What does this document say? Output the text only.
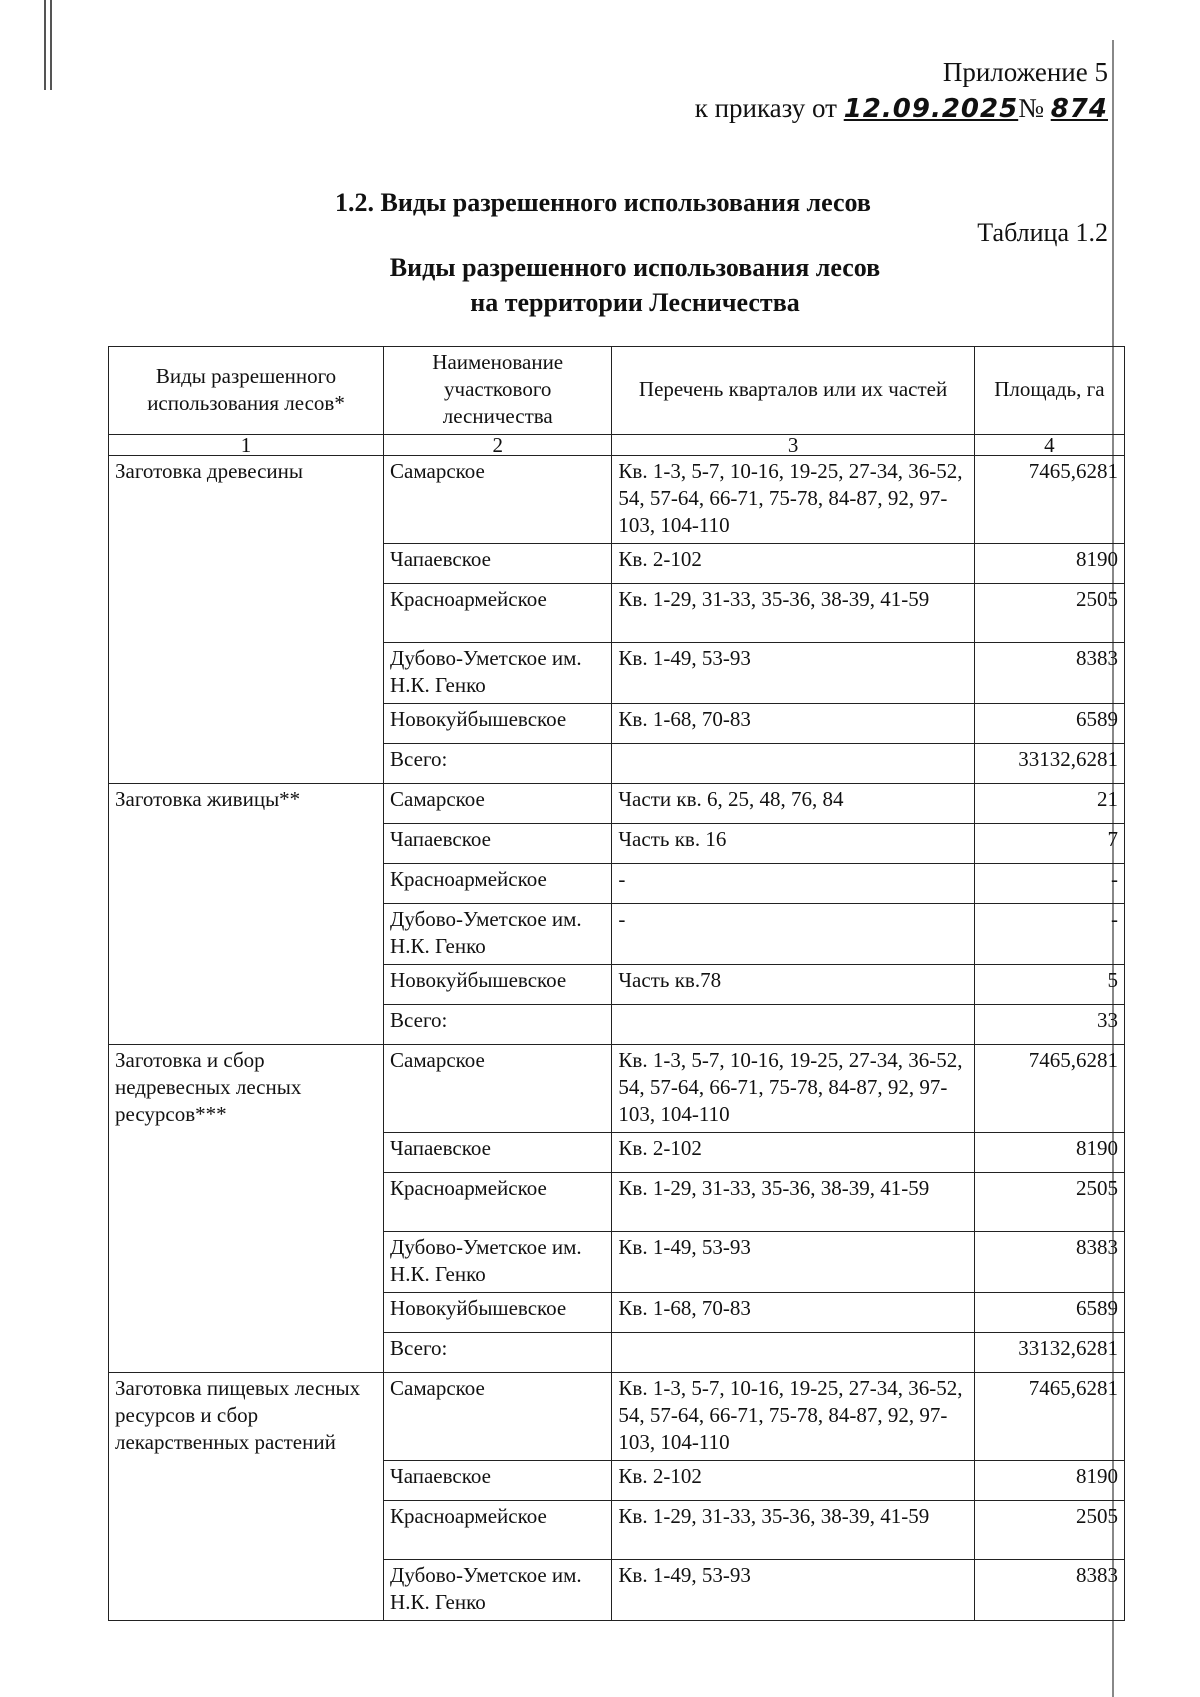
Приложение 5
к приказу от 12.09.2025№ 874
1.2. Виды разрешенного использования лесов
Таблица 1.2
Виды разрешенного использования лесов
на территории Лесничества
Виды разрешенного использования лесов*	Наименование участкового лесничества	Перечень кварталов или их частей	Площадь, га
1	2	3	4
Заготовка древесины	Самарское	Кв. 1-3, 5-7, 10-16, 19-25, 27-34, 36-52, 54, 57-64, 66-71, 75-78, 84-87, 92, 97-103, 104-110	7465,6281
	Чапаевское	Кв. 2-102	8190
	Красноармейское	Кв. 1-29, 31-33, 35-36, 38-39, 41-59	2505
	Дубово-Уметское им. Н.К. Генко	Кв. 1-49, 53-93	8383
	Новокуйбышевское	Кв. 1-68, 70-83	6589
	Всего:		33132,6281
Заготовка живицы**	Самарское	Части кв. 6, 25, 48, 76, 84	21
	Чапаевское	Часть кв. 16	7
	Красноармейское	-	-
	Дубово-Уметское им. Н.К. Генко	-	-
	Новокуйбышевское	Часть кв.78	5
	Всего:		33
Заготовка и сбор недревесных лесных ресурсов***	Самарское	Кв. 1-3, 5-7, 10-16, 19-25, 27-34, 36-52, 54, 57-64, 66-71, 75-78, 84-87, 92, 97-103, 104-110	7465,6281
	Чапаевское	Кв. 2-102	8190
	Красноармейское	Кв. 1-29, 31-33, 35-36, 38-39, 41-59	2505
	Дубово-Уметское им. Н.К. Генко	Кв. 1-49, 53-93	8383
	Новокуйбышевское	Кв. 1-68, 70-83	6589
	Всего:		33132,6281
Заготовка пищевых лесных ресурсов и сбор лекарственных растений	Самарское	Кв. 1-3, 5-7, 10-16, 19-25, 27-34, 36-52, 54, 57-64, 66-71, 75-78, 84-87, 92, 97-103, 104-110	7465,6281
	Чапаевское	Кв. 2-102	8190
	Красноармейское	Кв. 1-29, 31-33, 35-36, 38-39, 41-59	2505
	Дубово-Уметское им. Н.К. Генко	Кв. 1-49, 53-93	8383
